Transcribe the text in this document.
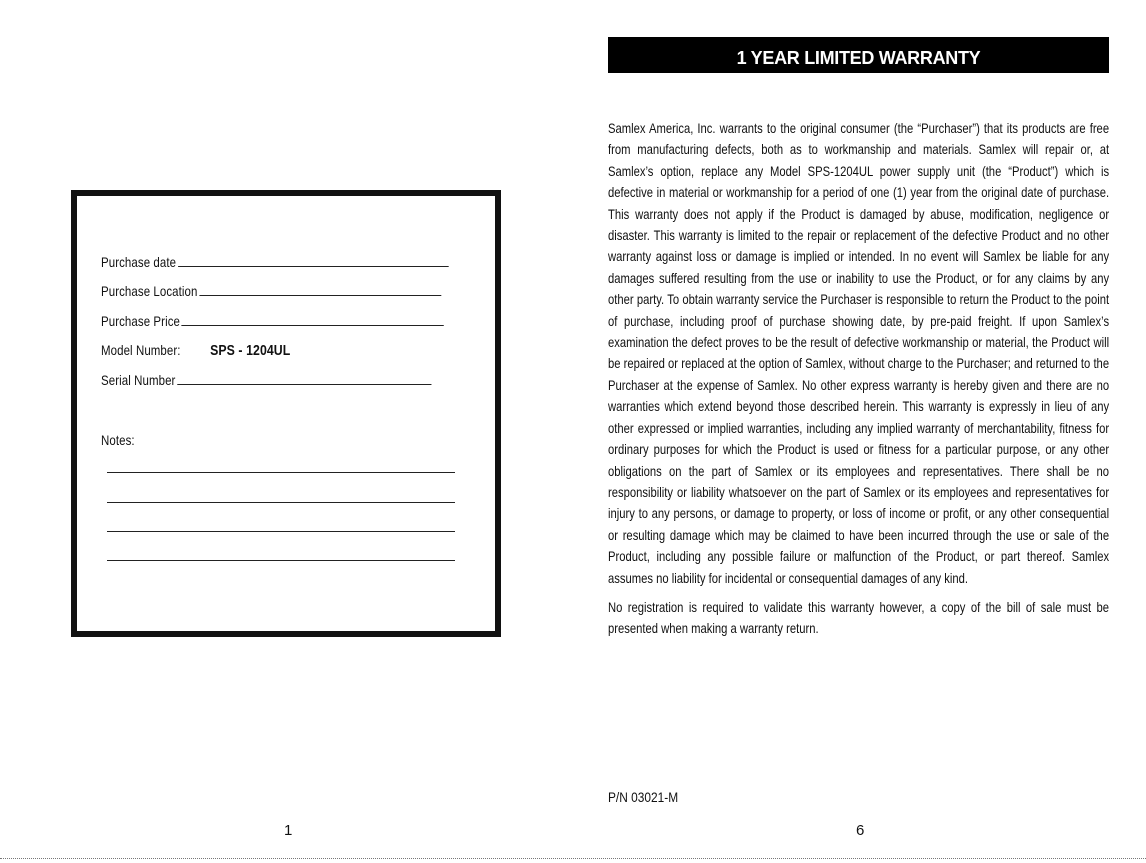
Purchase date
Purchase Location
Purchase Price
Model Number: SPS - 1204UL
Serial Number
Notes:
1
1 YEAR LIMITED WARRANTY

Samlex America, Inc. warrants to the original consumer (the “Purchaser”) that its products are free from manufacturing defects, both as to workmanship and materials. Samlex will repair or, at Samlex’s option, replace any Model SPS-1204UL power supply unit (the “Product”) which is defective in material or workmanship for a period of one (1) year from the original date of purchase. This warranty does not apply if the Product is damaged by abuse, modification, negligence or disaster. This warranty is limited to the repair or replacement of the defective Product and no other warranty against loss or damage is implied or intended. In no event will Samlex be liable for any damages suffered resulting from the use or inability to use the Product, or for any claims by any other party. To obtain warranty service the Purchaser is responsible to return the Product to the point of purchase, including proof of purchase showing date, by pre-paid freight. If upon Samlex’s examination the defect proves to be the result of defective workmanship or material, the Product will be repaired or replaced at the option of Samlex, without charge to the Purchaser; and returned to the Purchaser at the expense of Samlex. No other express warranty is hereby given and there are no warranties which extend beyond those described herein. This warranty is expressly in lieu of any other expressed or implied warranties, including any implied warranty of merchantability, fitness for ordinary purposes for which the Product is used or fitness for a particular purpose, or any other obligations on the part of Samlex or its employees and representatives. There shall be no responsibility or liability whatsoever on the part of Samlex or its employees and representatives for injury to any persons, or damage to property, or loss of income or profit, or any other consequential or resulting damage which may be claimed to have been incurred through the use or sale of the Product, including any possible failure or malfunction of the Product, or part thereof. Samlex assumes no liability for incidental or consequential damages of any kind.

No registration is required to validate this warranty however, a copy of the bill of sale must be presented when making a warranty return.

P/N 03021-M
6
